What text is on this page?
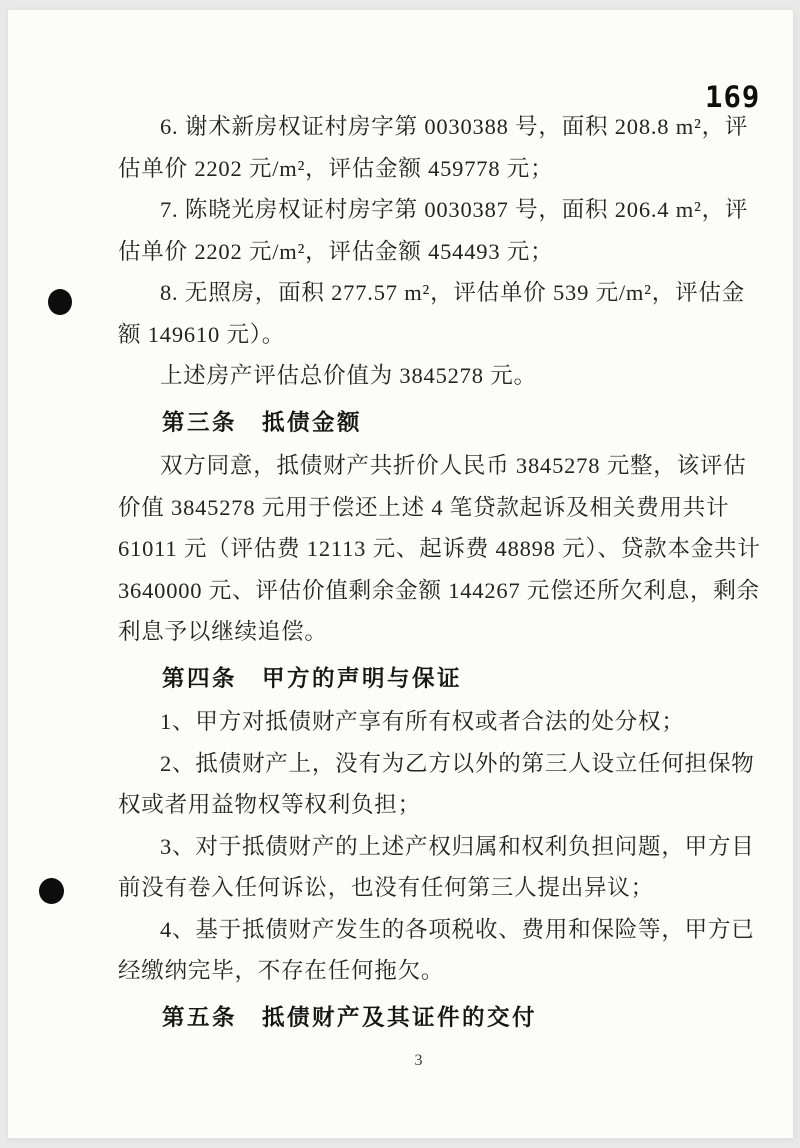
169
6. 谢术新房权证村房字第 0030388 号，面积 208.8 m²，评
估单价 2202 元/m²，评估金额 459778 元；
7. 陈晓光房权证村房字第 0030387 号，面积 206.4 m²，评
估单价 2202 元/m²，评估金额 454493 元；
8. 无照房，面积 277.57 m²，评估单价 539 元/m²，评估金
额 149610 元）。
上述房产评估总价值为 3845278 元。
第三条　抵债金额
双方同意，抵债财产共折价人民币 3845278 元整，该评估
价值 3845278 元用于偿还上述 4 笔贷款起诉及相关费用共计
61011 元（评估费 12113 元、起诉费 48898 元）、贷款本金共计
3640000 元、评估价值剩余金额 144267 元偿还所欠利息，剩余
利息予以继续追偿。
第四条　甲方的声明与保证
1、甲方对抵债财产享有所有权或者合法的处分权；
2、抵债财产上，没有为乙方以外的第三人设立任何担保物
权或者用益物权等权利负担；
3、对于抵债财产的上述产权归属和权利负担问题，甲方目
前没有卷入任何诉讼，也没有任何第三人提出异议；
4、基于抵债财产发生的各项税收、费用和保险等，甲方已
经缴纳完毕，不存在任何拖欠。
第五条　抵债财产及其证件的交付
3
